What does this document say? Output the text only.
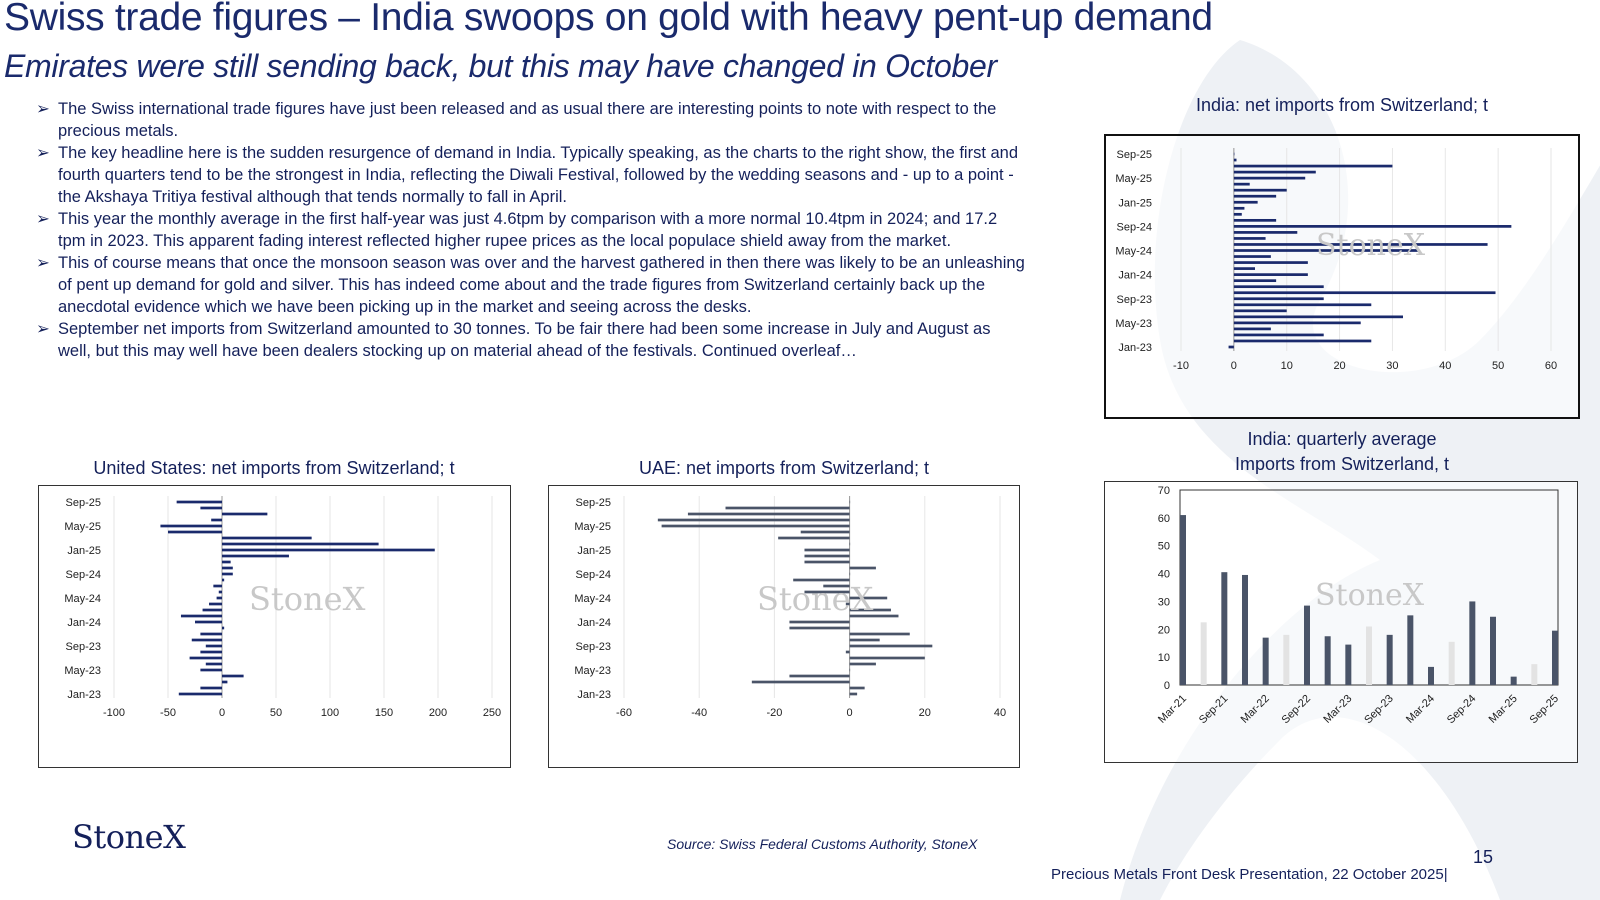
Swiss trade figures – India swoops on gold with heavy pent-up demand
Emirates were still sending back, but this may have changed in October
➢ The Swiss international trade figures have just been released and as usual there are interesting points to note with respect to the precious metals.
➢ The key headline here is the sudden resurgence of demand in India. Typically speaking, as the charts to the right show, the first and fourth quarters tend to be the strongest in India, reflecting the Diwali Festival, followed by the wedding seasons and - up to a point - the Akshaya Tritiya festival although that tends normally to fall in April.
➢ This year the monthly average in the first half-year was just 4.6tpm by comparison with a more normal 10.4tpm in 2024; and 17.2 tpm in 2023. This apparent fading interest reflected higher rupee prices as the local populace shield away from the market.
➢ This of course means that once the monsoon season was over and the harvest gathered in then there was likely to be an unleashing of pent up demand for gold and silver. This has indeed come about and the trade figures from Switzerland certainly back up the anecdotal evidence which we have been picking up in the market and seeing across the desks.
➢ September net imports from Switzerland amounted to 30 tonnes. To be fair there had been some increase in July and August as well, but this may well have been dealers stocking up on material ahead of the festivals. Continued overleaf…
India: net imports from Switzerland; t
-10	0	10	20	30	40	50	60
Jan-23
May-23
Sep-23
Jan-24
May-24
Sep-24
Jan-25
May-25
Sep-25
StoneX
United States: net imports from Switzerland; t
-100	-50	0	50	100	150	200	250
Jan-23
May-23
Sep-23
Jan-24
May-24
Sep-24
Jan-25
May-25
Sep-25
StoneX
UAE: net imports from Switzerland; t
-60	-40	-20	0	20	40
Jan-23
May-23
Sep-23
Jan-24
May-24
Sep-24
Jan-25
May-25
Sep-25
StoneX
India: quarterly average
Imports from Switzerland, t
0
10
20
30
40
50
60
70
Mar-21 Sep-21 Mar-22 Sep-22 Mar-23 Sep-23 Mar-24 Sep-24 Mar-25 Sep-25
StoneX
StoneX	Source: Swiss Federal Customs Authority, StoneX
15
Precious Metals Front Desk Presentation, 22 October 2025|
